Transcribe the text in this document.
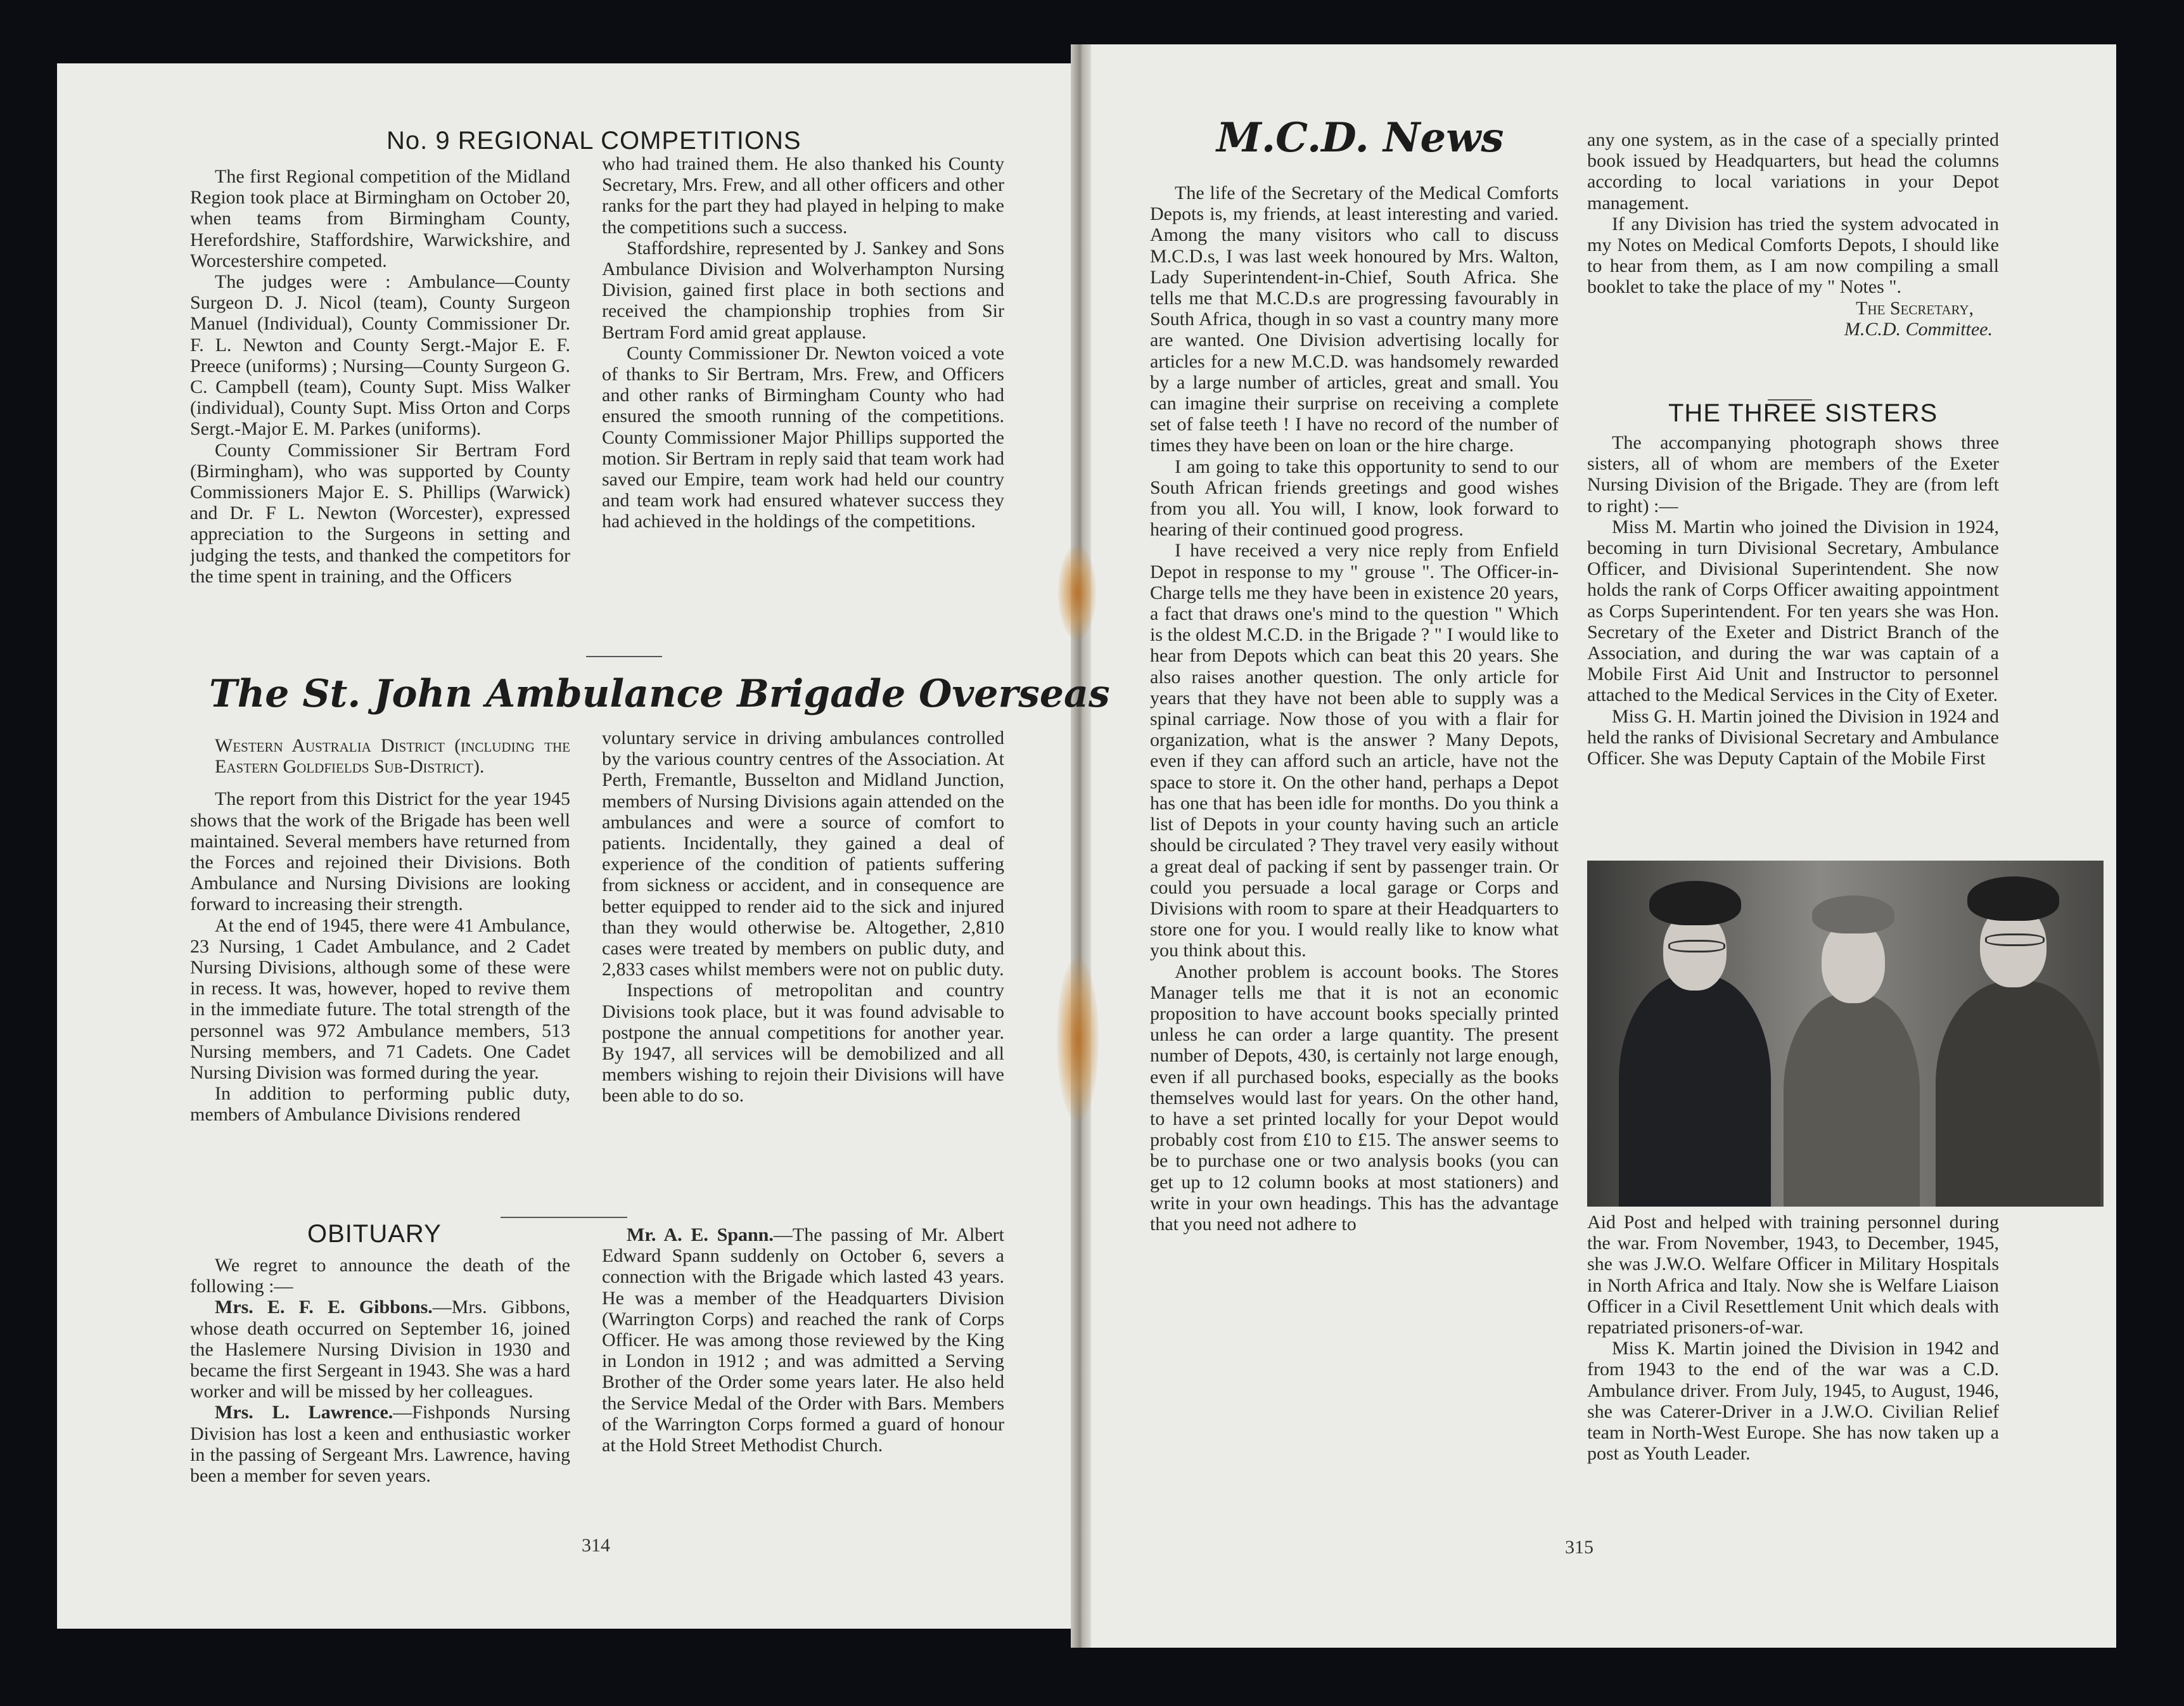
No. 9 REGIONAL COMPETITIONS

The first Regional competition of the Midland Region took place at Birmingham on October 20, when teams from Birmingham County, Herefordshire, Staffordshire, Warwickshire, and Worcestershire competed.

The judges were : Ambulance—County Surgeon D. J. Nicol (team), County Surgeon Manuel (Individual), County Commissioner Dr. F. L. Newton and County Sergt.-Major E. F. Preece (uniforms) ; Nursing—County Surgeon G. C. Campbell (team), County Supt. Miss Walker (individual), County Supt. Miss Orton and Corps Sergt.-Major E. M. Parkes (uniforms).

County Commissioner Sir Bertram Ford (Birmingham), who was supported by County Commissioners Major E. S. Phillips (Warwick) and Dr. F L. Newton (Worcester), expressed appreciation to the Surgeons in setting and judging the tests, and thanked the competitors for the time spent in training, and the Officers

who had trained them. He also thanked his County Secretary, Mrs. Frew, and all other officers and other ranks for the part they had played in helping to make the competitions such a success.

Staffordshire, represented by J. Sankey and Sons Ambulance Division and Wolverhampton Nursing Division, gained first place in both sections and received the championship trophies from Sir Bertram Ford amid great applause.

County Commissioner Dr. Newton voiced a vote of thanks to Sir Bertram, Mrs. Frew, and Officers and other ranks of Birmingham County who had ensured the smooth running of the competitions. County Commissioner Major Phillips supported the motion. Sir Bertram in reply said that team work had saved our Empire, team work had held our country and team work had ensured whatever success they had achieved in the holdings of the competitions.

The St. John Ambulance Brigade Overseas

Western Australia District (including the Eastern Goldfields Sub-District).

The report from this District for the year 1945 shows that the work of the Brigade has been well maintained. Several members have returned from the Forces and rejoined their Divisions. Both Ambulance and Nursing Divisions are looking forward to increasing their strength.

At the end of 1945, there were 41 Ambulance, 23 Nursing, 1 Cadet Ambulance, and 2 Cadet Nursing Divisions, although some of these were in recess. It was, however, hoped to revive them in the immediate future. The total strength of the personnel was 972 Ambulance members, 513 Nursing members, and 71 Cadets. One Cadet Nursing Division was formed during the year.

In addition to performing public duty, members of Ambulance Divisions rendered

voluntary service in driving ambulances controlled by the various country centres of the Association. At Perth, Fremantle, Busselton and Midland Junction, members of Nursing Divisions again attended on the ambulances and were a source of comfort to patients. Incidentally, they gained a deal of experience of the condition of patients suffering from sickness or accident, and in consequence are better equipped to render aid to the sick and injured than they would otherwise be. Altogether, 2,810 cases were treated by members on public duty, and 2,833 cases whilst members were not on public duty.

Inspections of metropolitan and country Divisions took place, but it was found advisable to postpone the annual competitions for another year. By 1947, all services will be demobilized and all members wishing to rejoin their Divisions will have been able to do so.

OBITUARY

We regret to announce the death of the following :—

Mrs. E. F. E. Gibbons.—Mrs. Gibbons, whose death occurred on September 16, joined the Haslemere Nursing Division in 1930 and became the first Sergeant in 1943. She was a hard worker and will be missed by her colleagues.

Mrs. L. Lawrence.—Fishponds Nursing Division has lost a keen and enthusiastic worker in the passing of Sergeant Mrs. Lawrence, having been a member for seven years.

Mr. A. E. Spann.—The passing of Mr. Albert Edward Spann suddenly on October 6, severs a connection with the Brigade which lasted 43 years. He was a member of the Headquarters Division (Warrington Corps) and reached the rank of Corps Officer. He was among those reviewed by the King in London in 1912 ; and was admitted a Serving Brother of the Order some years later. He also held the Service Medal of the Order with Bars. Members of the Warrington Corps formed a guard of honour at the Hold Street Methodist Church.

314
M.C.D. News

The life of the Secretary of the Medical Comforts Depots is, my friends, at least interesting and varied. Among the many visitors who call to discuss M.C.D.s, I was last week honoured by Mrs. Walton, Lady Superintendent-in-Chief, South Africa. She tells me that M.C.D.s are progressing favourably in South Africa, though in so vast a country many more are wanted. One Division advertising locally for articles for a new M.C.D. was handsomely rewarded by a large number of articles, great and small. You can imagine their surprise on receiving a complete set of false teeth ! I have no record of the number of times they have been on loan or the hire charge.

I am going to take this opportunity to send to our South African friends greetings and good wishes from you all. You will, I know, look forward to hearing of their continued good progress.

I have received a very nice reply from Enfield Depot in response to my " grouse ". The Officer-in-Charge tells me they have been in existence 20 years, a fact that draws one's mind to the question " Which is the oldest M.C.D. in the Brigade ? " I would like to hear from Depots which can beat this 20 years. She also raises another question. The only article for years that they have not been able to supply was a spinal carriage. Now those of you with a flair for organization, what is the answer ? Many Depots, even if they can afford such an article, have not the space to store it. On the other hand, perhaps a Depot has one that has been idle for months. Do you think a list of Depots in your county having such an article should be circulated ? They travel very easily without a great deal of packing if sent by passenger train. Or could you persuade a local garage or Corps and Divisions with room to spare at their Headquarters to store one for you. I would really like to know what you think about this.

Another problem is account books. The Stores Manager tells me that it is not an economic proposition to have account books specially printed unless he can order a large quantity. The present number of Depots, 430, is certainly not large enough, even if all purchased books, especially as the books themselves would last for years. On the other hand, to have a set printed locally for your Depot would probably cost from £10 to £15. The answer seems to be to purchase one or two analysis books (you can get up to 12 column books at most stationers) and write in your own headings. This has the advantage that you need not adhere to

any one system, as in the case of a specially printed book issued by Headquarters, but head the columns according to local variations in your Depot management.

If any Division has tried the system advocated in my Notes on Medical Comforts Depots, I should like to hear from them, as I am now compiling a small booklet to take the place of my " Notes ".

The Secretary,

M.C.D. Committee.

THE THREE SISTERS

The accompanying photograph shows three sisters, all of whom are members of the Exeter Nursing Division of the Brigade. They are (from left to right) :—

Miss M. Martin who joined the Division in 1924, becoming in turn Divisional Secretary, Ambulance Officer, and Divisional Superintendent. She now holds the rank of Corps Officer awaiting appointment as Corps Superintendent. For ten years she was Hon. Secretary of the Exeter and District Branch of the Association, and during the war was captain of a Mobile First Aid Unit and Instructor to personnel attached to the Medical Services in the City of Exeter.

Miss G. H. Martin joined the Division in 1924 and held the ranks of Divisional Secretary and Ambulance Officer. She was Deputy Captain of the Mobile First

Aid Post and helped with training personnel during the war. From November, 1943, to December, 1945, she was J.W.O. Welfare Officer in Military Hospitals in North Africa and Italy. Now she is Welfare Liaison Officer in a Civil Resettlement Unit which deals with repatriated prisoners-of-war.

Miss K. Martin joined the Division in 1942 and from 1943 to the end of the war was a C.D. Ambulance driver. From July, 1945, to August, 1946, she was Caterer-Driver in a J.W.O. Civilian Relief team in North-West Europe. She has now taken up a post as Youth Leader.

315
